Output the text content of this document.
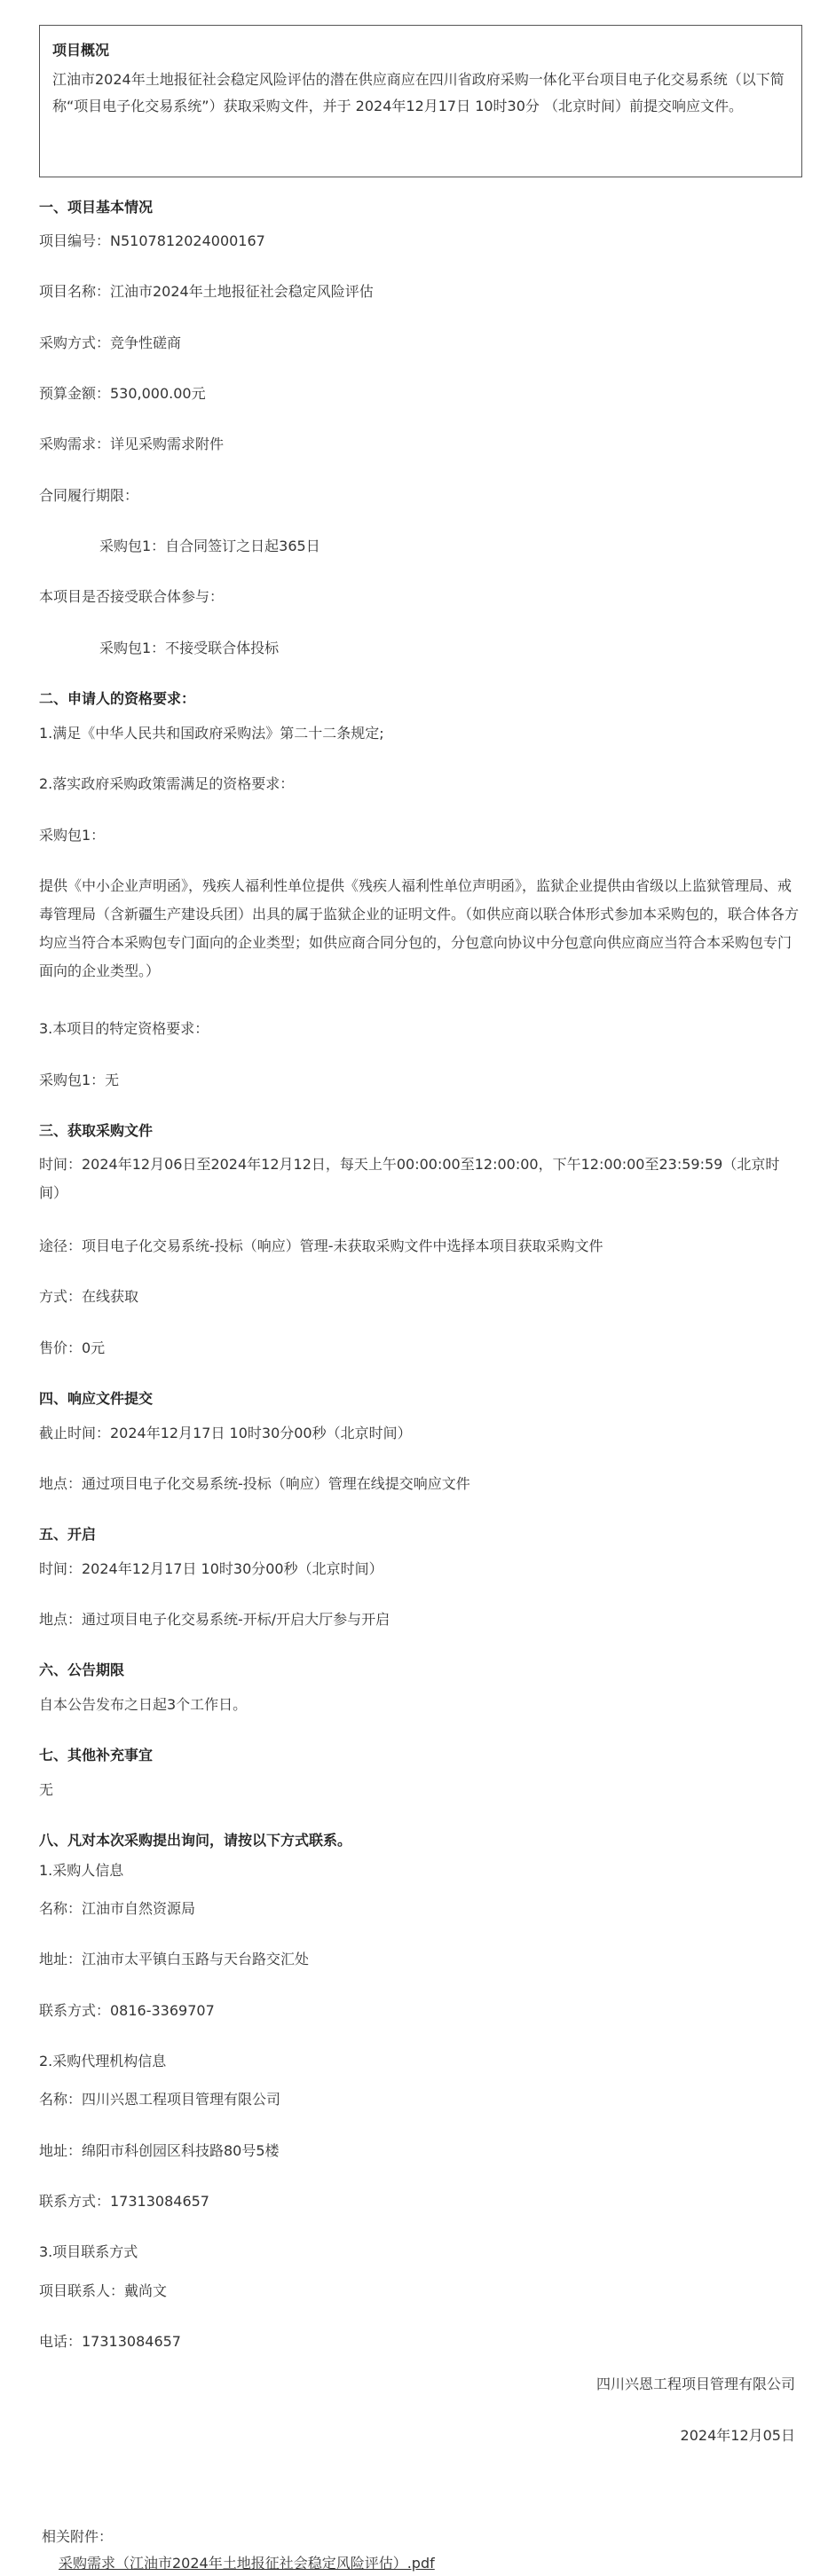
项目概况
江油市2024年土地报征社会稳定风险评估的潜在供应商应在四川省政府采购一体化平台项目电子化交易系统（以下简称“项目电子化交易系统”）获取采购文件，并于 2024年12月17日 10时30分 （北京时间）前提交响应文件。
一、项目基本情况
项目编号：N5107812024000167
项目名称：江油市2024年土地报征社会稳定风险评估
采购方式：竞争性磋商
预算金额：530,000.00元
采购需求：详见采购需求附件
合同履行期限：
采购包1：自合同签订之日起365日
本项目是否接受联合体参与：
采购包1：不接受联合体投标
二、申请人的资格要求：
1.满足《中华人民共和国政府采购法》第二十二条规定;
2.落实政府采购政策需满足的资格要求：
采购包1：
提供《中小企业声明函》，残疾人福利性单位提供《残疾人福利性单位声明函》，监狱企业提供由省级以上监狱管理局、戒毒管理局（含新疆生产建设兵团）出具的属于监狱企业的证明文件。（如供应商以联合体形式参加本采购包的，联合体各方均应当符合本采购包专门面向的企业类型；如供应商合同分包的，分包意向协议中分包意向供应商应当符合本采购包专门面向的企业类型。）
3.本项目的特定资格要求：
采购包1：无
三、获取采购文件
时间：2024年12月06日至2024年12月12日，每天上午00:00:00至12:00:00，下午12:00:00至23:59:59（北京时间）
途径：项目电子化交易系统-投标（响应）管理-未获取采购文件中选择本项目获取采购文件
方式：在线获取
售价：0元
四、响应文件提交
截止时间：2024年12月17日 10时30分00秒（北京时间）
地点：通过项目电子化交易系统-投标（响应）管理在线提交响应文件
五、开启
时间：2024年12月17日 10时30分00秒（北京时间）
地点：通过项目电子化交易系统-开标/开启大厅参与开启
六、公告期限
自本公告发布之日起3个工作日。
七、其他补充事宜
无
八、凡对本次采购提出询问，请按以下方式联系。
1.采购人信息
名称：江油市自然资源局
地址：江油市太平镇白玉路与天台路交汇处
联系方式：0816-3369707
2.采购代理机构信息
名称：四川兴恩工程项目管理有限公司
地址：绵阳市科创园区科技路80号5楼
联系方式：17313084657
3.项目联系方式
项目联系人：戴尚文
电话：17313084657
四川兴恩工程项目管理有限公司
2024年12月05日
相关附件：
采购需求（江油市2024年土地报征社会稳定风险评估）.pdf
